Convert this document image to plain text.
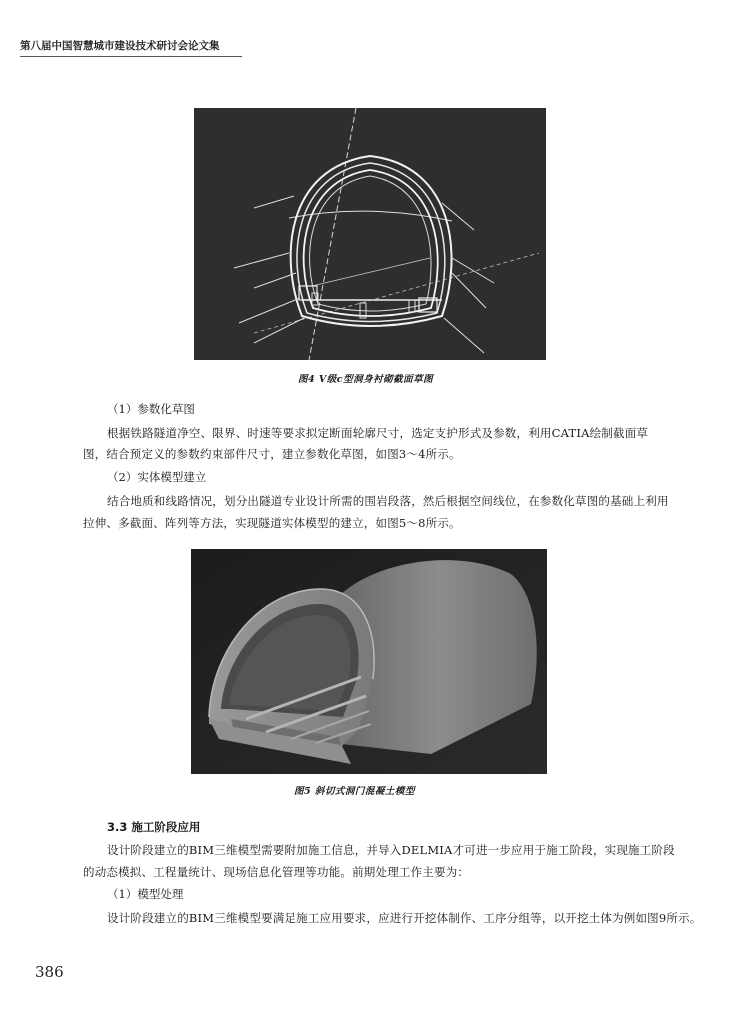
第八届中国智慧城市建设技术研讨会论文集
图4 V级c型洞身衬砌截面草图
（1）参数化草图
根据铁路隧道净空、限界、时速等要求拟定断面轮廓尺寸，选定支护形式及参数，利用CATIA绘制截面草
图，结合预定义的参数约束部件尺寸，建立参数化草图，如图3～4所示。
（2）实体模型建立
结合地质和线路情况，划分出隧道专业设计所需的围岩段落，然后根据空间线位，在参数化草图的基础上利用
拉伸、多截面、阵列等方法，实现隧道实体模型的建立，如图5～8所示。
图5 斜切式洞门混凝土模型
3.3 施工阶段应用
设计阶段建立的BIM三维模型需要附加施工信息，并导入DELMIA才可进一步应用于施工阶段，实现施工阶段
的动态模拟、工程量统计、现场信息化管理等功能。前期处理工作主要为：
（1）模型处理
设计阶段建立的BIM三维模型要满足施工应用要求，应进行开挖体制作、工序分组等，以开挖土体为例如图9所示。
386
